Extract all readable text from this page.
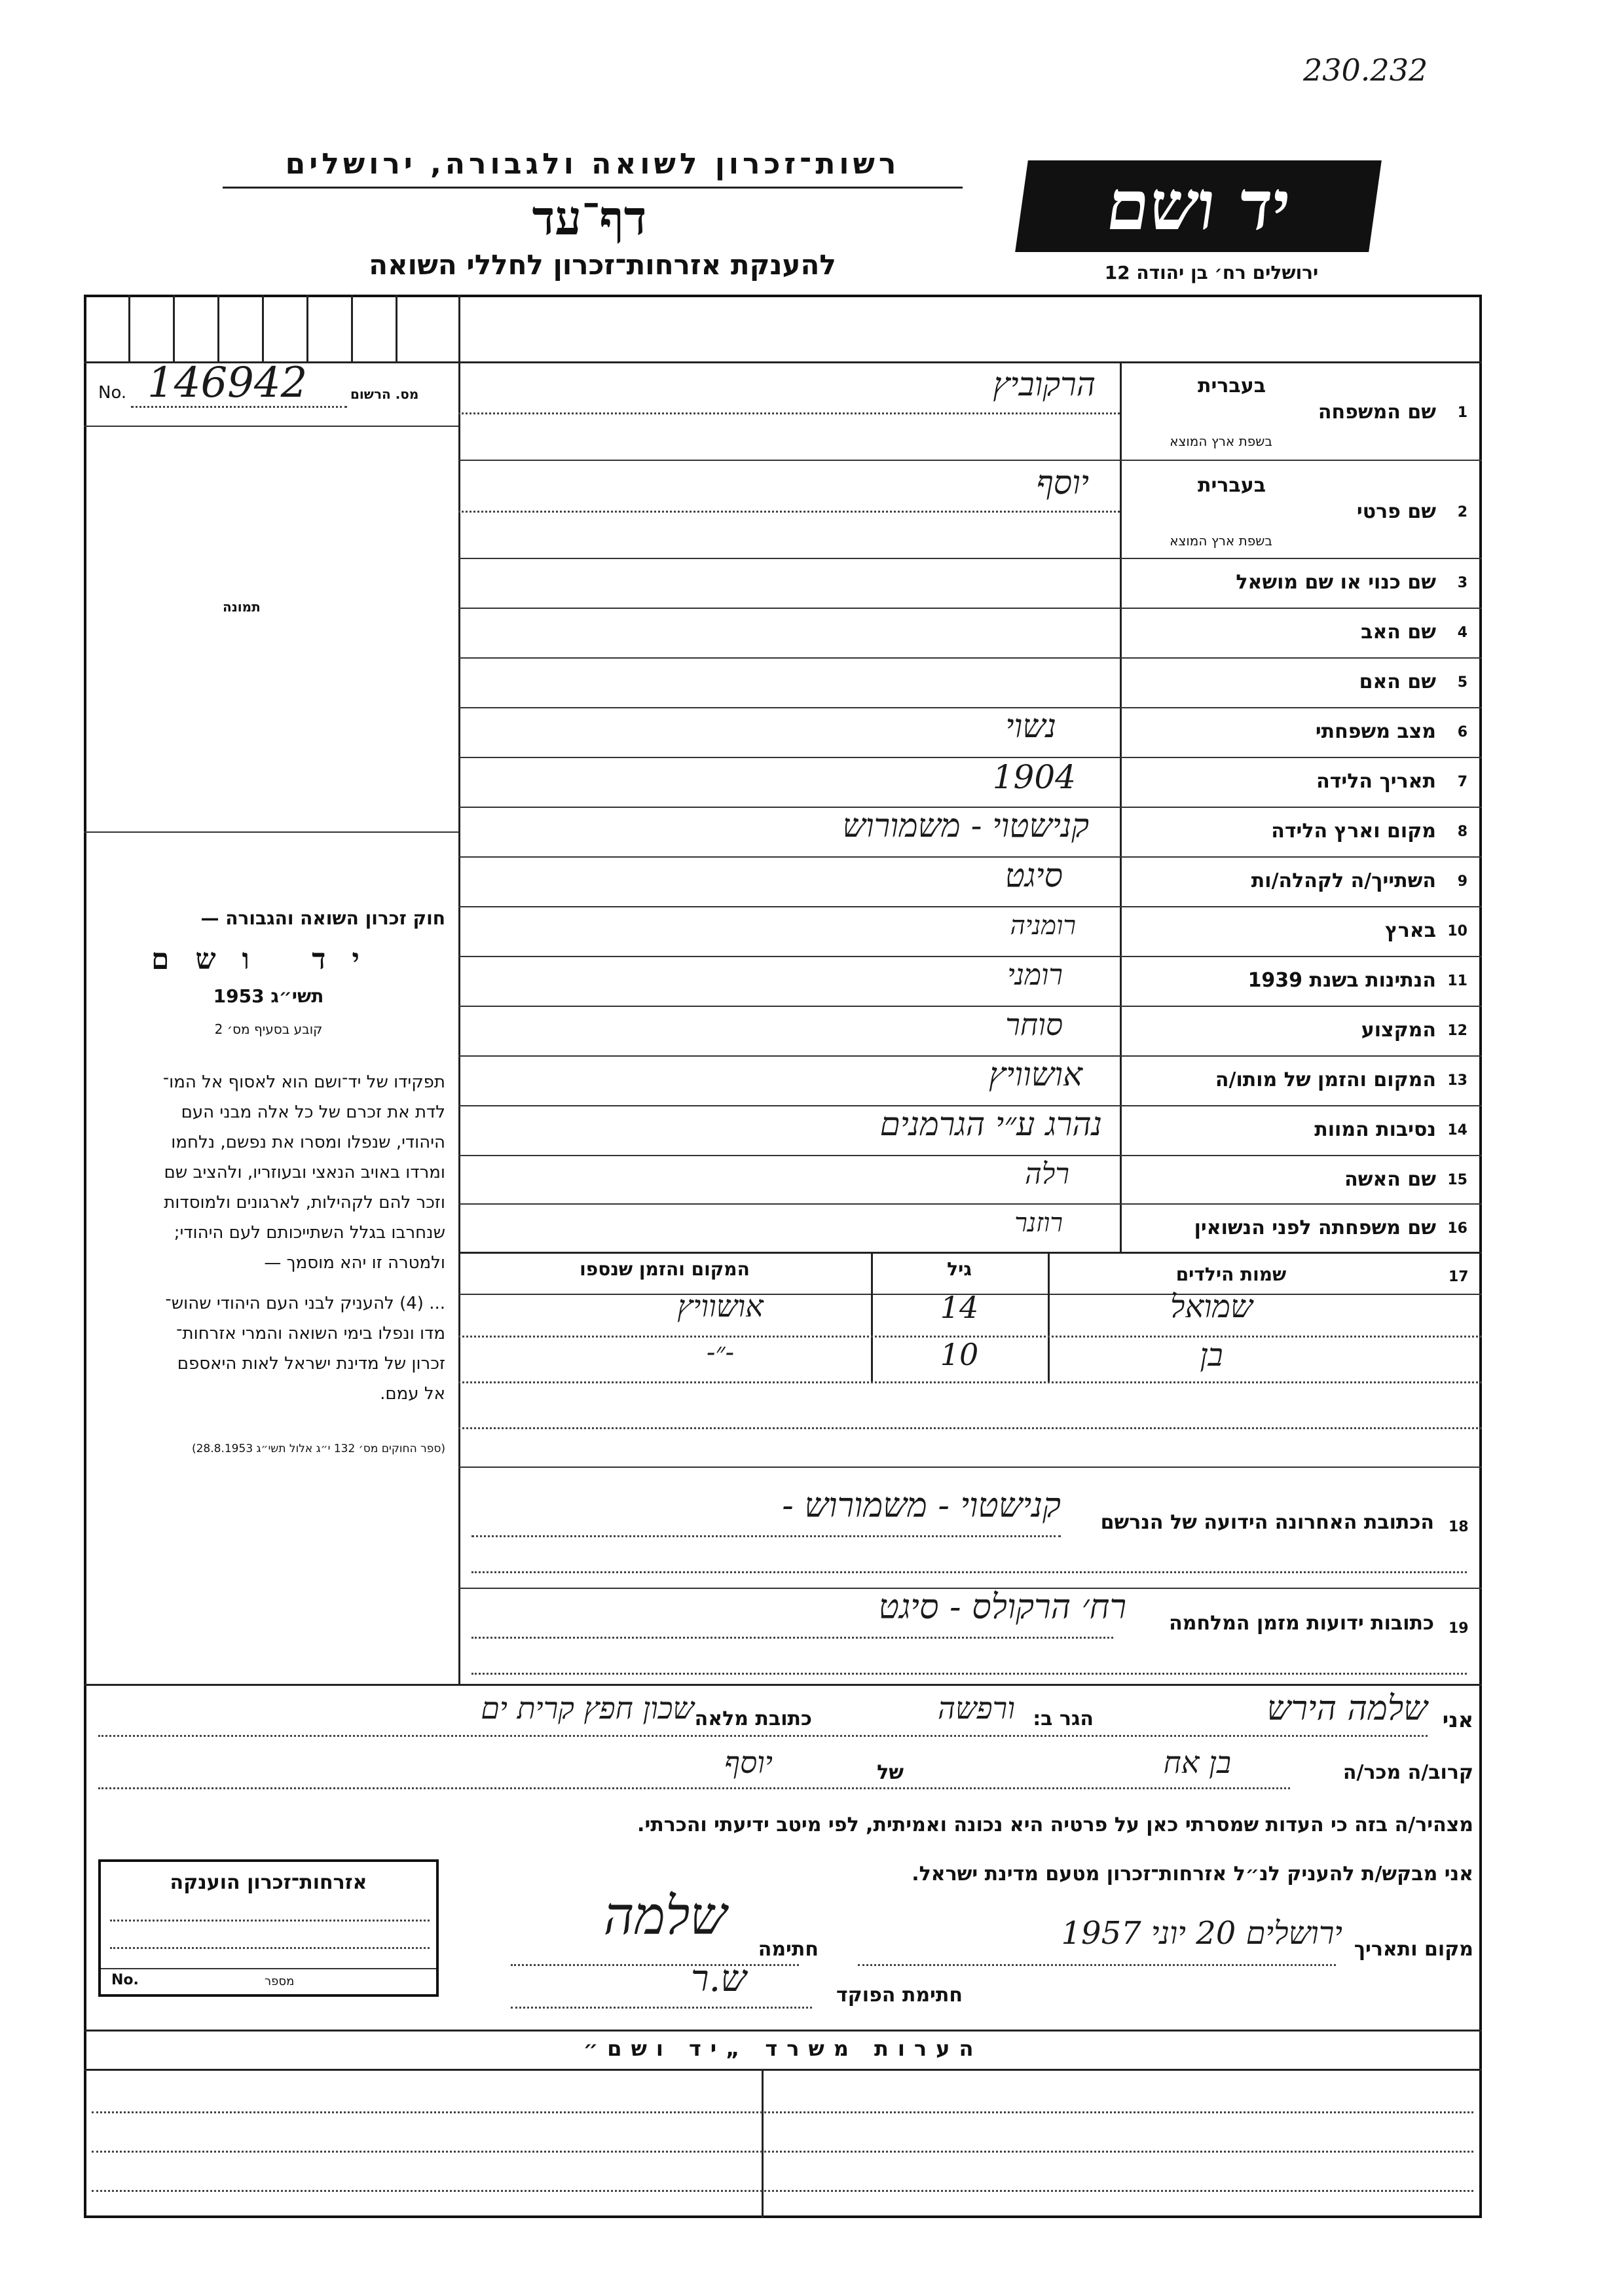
230.232
יד ושם
ירושלים רח׳ בן יהודה 12
רשות־זכרון לשואה ולגבורה, ירושלים
דף־עד
להענקת אזרחות־זכרון לחללי השואה
No. 146942	מס. הרשום
תמונה
חוק זכרון השואה והגבורה —
יד ושם
תשי״ג 1953
קובע בסעיף מס׳ 2
תפקידו של יד־ושם הוא לאסוף אל המו־
לדת את זכרם של כל אלה מבני העם
היהודי, שנפלו ומסרו את נפשם, נלחמו
ומרדו באויב הנאצי ובעוזריו, ולהציב שם
וזכר להם לקהילות, לארגונים ולמוסדות
שנחרבו בגלל השתייכותם לעם היהודי;
ולמטרה זו יהא מוסמך —
... (4) להעניק לבני העם היהודי שהוש־
מדו ונפלו בימי השואה והמרי אזרחות־
זכרון של מדינת ישראל לאות היאספם
אל עמם.
(ספר החוקים מס׳ 132 י״ג אלול תשי״ג 28.8.1953)
שם המשפחה 1
בעברית
בשפת ארץ המוצא
הרקוביץ
שם פרטי 2
בעברית
בשפת ארץ המוצא
יוסף
שם כנוי או שם מושאל 3
שם האב 4
שם האם 5
מצב משפחתי 6
נשוי
תאריך הלידה 7
1904
מקום וארץ הלידה 8
קנישטוי - משמורוש
השתייך/ה לקהלה/ות 9
סיגט
בארץ 10
רומניה
הנתינות בשנת 1939 11
רומני
המקצוע 12
סוחר
המקום והזמן של מותו/ה 13
אושוויץ
נסיבות המוות 14
נהרג ע״י הגרמנים
שם האשה 15
רלה
שם משפחתה לפני הנשואין 16
רוזנר
17
שמות הילדים
גיל
המקום והזמן שנספו
שמואל
14
אושוויץ
בן
10
-״-
18
הכתובת האחרונה הידועה של הנרשם
קנישטוי - משמורוש -
19
כתובות ידועות מזמן המלחמה
רח׳ הרקולס - סיגט
אני
שלמה הירש
הגר ב:
ורפשה
כתובת מלאה
שכון חפץ קרית ים
קרוב/ה מכר/ה
בן אח
של
יוסף
מצהיר/ה בזה כי העדות שמסרתי כאן על פרטיה היא נכונה ואמיתית, לפי מיטב ידיעתי והכרתי.
אני מבקש/ת להעניק לנ״ל אזרחות־זכרון מטעם מדינת ישראל.
אזרחות־זכרון הוענקה
No.	מספר
מקום ותאריך
ירושלים 20 יוני 1957
חתימה
שלמה
חתימת הפוקד
ש.ר
הערות משרד „יד ושם״
